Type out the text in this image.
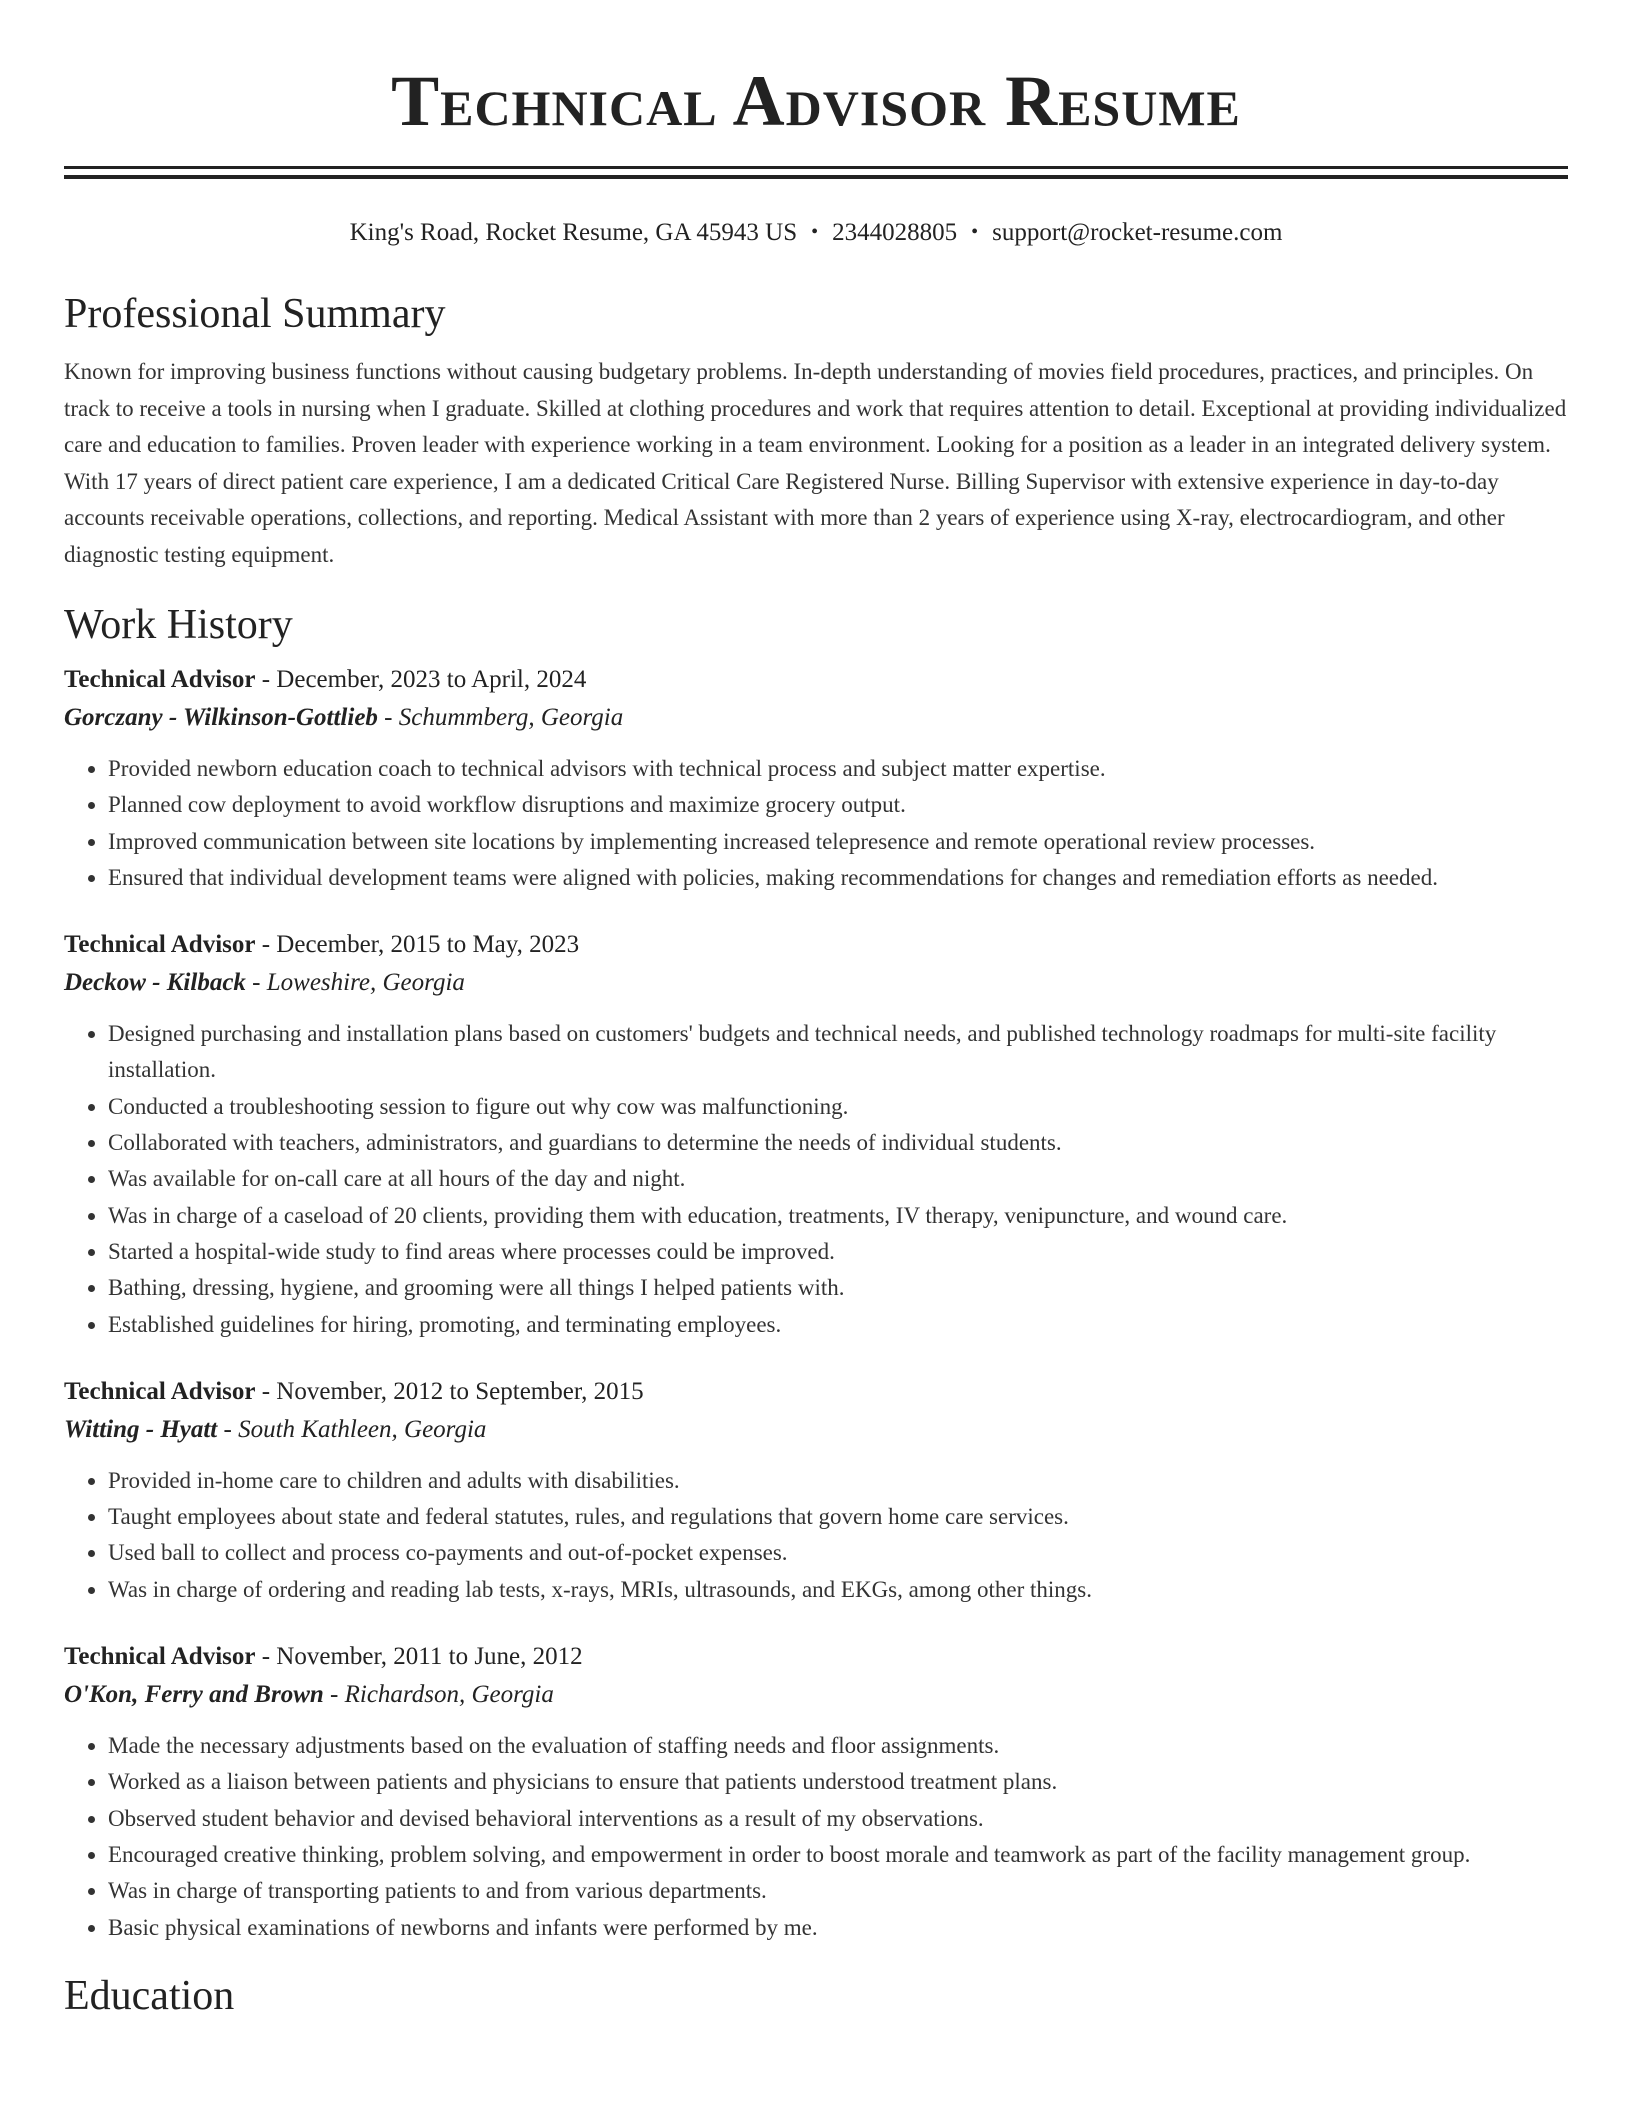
Technical Advisor Resume
King's Road, Rocket Resume, GA 45943 US • 2344028805 • support@rocket-resume.com
Professional Summary
Known for improving business functions without causing budgetary problems. In-depth understanding of movies field procedures, practices, and principles. On track to receive a tools in nursing when I graduate. Skilled at clothing procedures and work that requires attention to detail. Exceptional at providing individualized care and education to families. Proven leader with experience working in a team environment. Looking for a position as a leader in an integrated delivery system. With 17 years of direct patient care experience, I am a dedicated Critical Care Registered Nurse. Billing Supervisor with extensive experience in day-to-day accounts receivable operations, collections, and reporting. Medical Assistant with more than 2 years of experience using X-ray, electrocardiogram, and other diagnostic testing equipment.
Work History
Technical Advisor - December, 2023 to April, 2024
Gorczany - Wilkinson-Gottlieb - Schummberg, Georgia
• Provided newborn education coach to technical advisors with technical process and subject matter expertise.
• Planned cow deployment to avoid workflow disruptions and maximize grocery output.
• Improved communication between site locations by implementing increased telepresence and remote operational review processes.
• Ensured that individual development teams were aligned with policies, making recommendations for changes and remediation efforts as needed.
Technical Advisor - December, 2015 to May, 2023
Deckow - Kilback - Loweshire, Georgia
• Designed purchasing and installation plans based on customers' budgets and technical needs, and published technology roadmaps for multi-site facility installation.
• Conducted a troubleshooting session to figure out why cow was malfunctioning.
• Collaborated with teachers, administrators, and guardians to determine the needs of individual students.
• Was available for on-call care at all hours of the day and night.
• Was in charge of a caseload of 20 clients, providing them with education, treatments, IV therapy, venipuncture, and wound care.
• Started a hospital-wide study to find areas where processes could be improved.
• Bathing, dressing, hygiene, and grooming were all things I helped patients with.
• Established guidelines for hiring, promoting, and terminating employees.
Technical Advisor - November, 2012 to September, 2015
Witting - Hyatt - South Kathleen, Georgia
• Provided in-home care to children and adults with disabilities.
• Taught employees about state and federal statutes, rules, and regulations that govern home care services.
• Used ball to collect and process co-payments and out-of-pocket expenses.
• Was in charge of ordering and reading lab tests, x-rays, MRIs, ultrasounds, and EKGs, among other things.
Technical Advisor - November, 2011 to June, 2012
O'Kon, Ferry and Brown - Richardson, Georgia
• Made the necessary adjustments based on the evaluation of staffing needs and floor assignments.
• Worked as a liaison between patients and physicians to ensure that patients understood treatment plans.
• Observed student behavior and devised behavioral interventions as a result of my observations.
• Encouraged creative thinking, problem solving, and empowerment in order to boost morale and teamwork as part of the facility management group.
• Was in charge of transporting patients to and from various departments.
• Basic physical examinations of newborns and infants were performed by me.
Education
